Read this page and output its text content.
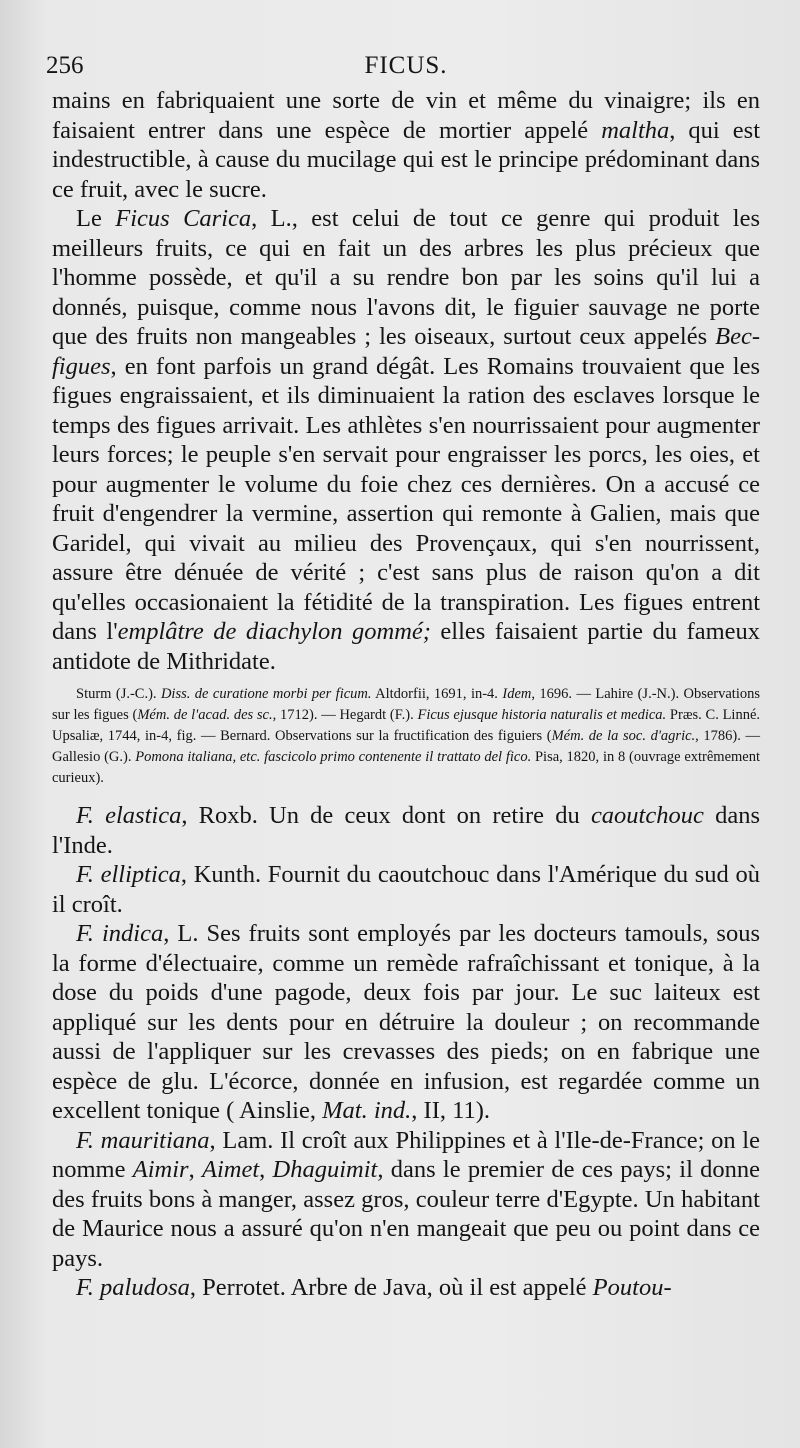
256	FICUS.

mains en fabriquaient une sorte de vin et même du vinaigre; ils en faisaient entrer dans une espèce de mortier appelé maltha, qui est indestructible, à cause du mucilage qui est le principe prédominant dans ce fruit, avec le sucre.

Le Ficus Carica, L., est celui de tout ce genre qui produit les meilleurs fruits, ce qui en fait un des arbres les plus précieux que l'homme possède, et qu'il a su rendre bon par les soins qu'il lui a donnés, puisque, comme nous l'avons dit, le figuier sauvage ne porte que des fruits non mangeables ; les oiseaux, surtout ceux appelés Bec-figues, en font parfois un grand dégât. Les Romains trouvaient que les figues engraissaient, et ils diminuaient la ration des esclaves lorsque le temps des figues arrivait. Les athlètes s'en nourrissaient pour augmenter leurs forces; le peuple s'en servait pour engraisser les porcs, les oies, et pour augmenter le volume du foie chez ces dernières. On a accusé ce fruit d'engendrer la vermine, assertion qui remonte à Galien, mais que Garidel, qui vivait au milieu des Provençaux, qui s'en nourrissent, assure être dénuée de vérité ; c'est sans plus de raison qu'on a dit qu'elles occasionaient la fétidité de la transpiration. Les figues entrent dans l'emplâtre de diachylon gommé; elles faisaient partie du fameux antidote de Mithridate.

Sturm (J.-C.). Diss. de curatione morbi per ficum. Altdorfii, 1691, in-4. Idem, 1696. — Lahire (J.-N.). Observations sur les figues (Mém. de l'acad. des sc., 1712). — Hegardt (F.). Ficus ejusque historia naturalis et medica. Præs. C. Linné. Upsaliæ, 1744, in-4, fig. — Bernard. Observations sur la fructification des figuiers (Mém. de la soc. d'agric., 1786). — Gallesio (G.). Pomona italiana, etc. fascicolo primo contenente il trattato del fico. Pisa, 1820, in 8 (ouvrage extrêmement curieux).

F. elastica, Roxb. Un de ceux dont on retire du caoutchouc dans l'Inde.

F. elliptica, Kunth. Fournit du caoutchouc dans l'Amérique du sud où il croît.

F. indica, L. Ses fruits sont employés par les docteurs tamouls, sous la forme d'électuaire, comme un remède rafraîchissant et tonique, à la dose du poids d'une pagode, deux fois par jour. Le suc laiteux est appliqué sur les dents pour en détruire la douleur ; on recommande aussi de l'appliquer sur les crevasses des pieds; on en fabrique une espèce de glu. L'écorce, donnée en infusion, est regardée comme un excellent tonique ( Ainslie, Mat. ind., II, 11).

F. mauritiana, Lam. Il croît aux Philippines et à l'Ile-de-France; on le nomme Aimir, Aimet, Dhaguimit, dans le premier de ces pays; il donne des fruits bons à manger, assez gros, couleur terre d'Egypte. Un habitant de Maurice nous a assuré qu'on n'en mangeait que peu ou point dans ce pays.

F. paludosa, Perrotet. Arbre de Java, où il est appelé Poutou-
